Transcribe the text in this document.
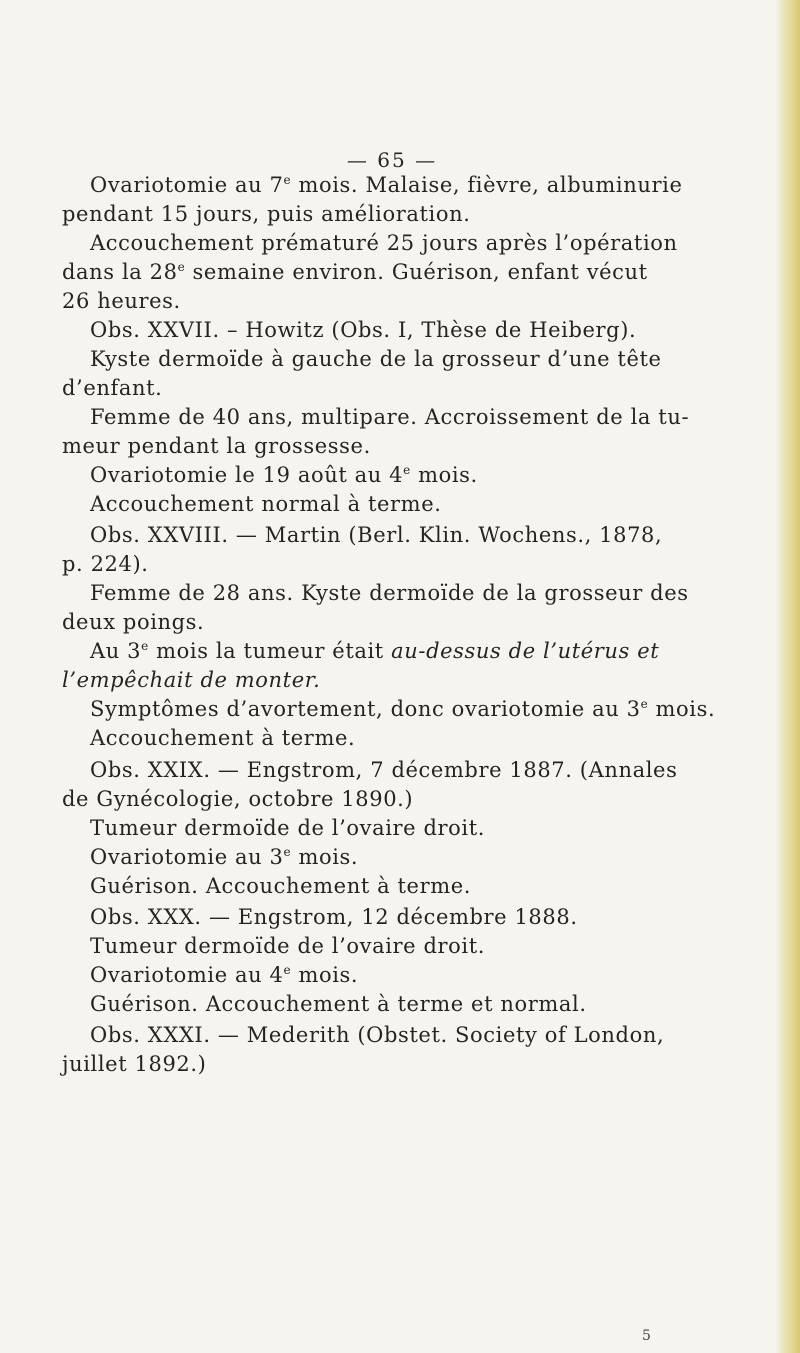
— 65 —
Ovariotomie au 7e mois. Malaise, fièvre, albuminurie
pendant 15 jours, puis amélioration.
Accouchement prématuré 25 jours après l’opération
dans la 28e semaine environ. Guérison, enfant vécut
26 heures.
Obs. XXVII. – Howitz (Obs. I, Thèse de Heiberg).
Kyste dermoïde à gauche de la grosseur d’une tête
d’enfant.
Femme de 40 ans, multipare. Accroissement de la tu-
meur pendant la grossesse.
Ovariotomie le 19 août au 4e mois.
Accouchement normal à terme.
Obs. XXVIII. — Martin (Berl. Klin. Wochens., 1878,
p. 224).
Femme de 28 ans. Kyste dermoïde de la grosseur des
deux poings.
Au 3e mois la tumeur était au-dessus de l’utérus et
l’empêchait de monter.
Symptômes d’avortement, donc ovariotomie au 3e mois.
Accouchement à terme.
Obs. XXIX. — Engstrom, 7 décembre 1887. (Annales
de Gynécologie, octobre 1890.)
Tumeur dermoïde de l’ovaire droit.
Ovariotomie au 3e mois.
Guérison. Accouchement à terme.
Obs. XXX. — Engstrom, 12 décembre 1888.
Tumeur dermoïde de l’ovaire droit.
Ovariotomie au 4e mois.
Guérison. Accouchement à terme et normal.
Obs. XXXI. — Mederith (Obstet. Society of London,
juillet 1892.)
5
